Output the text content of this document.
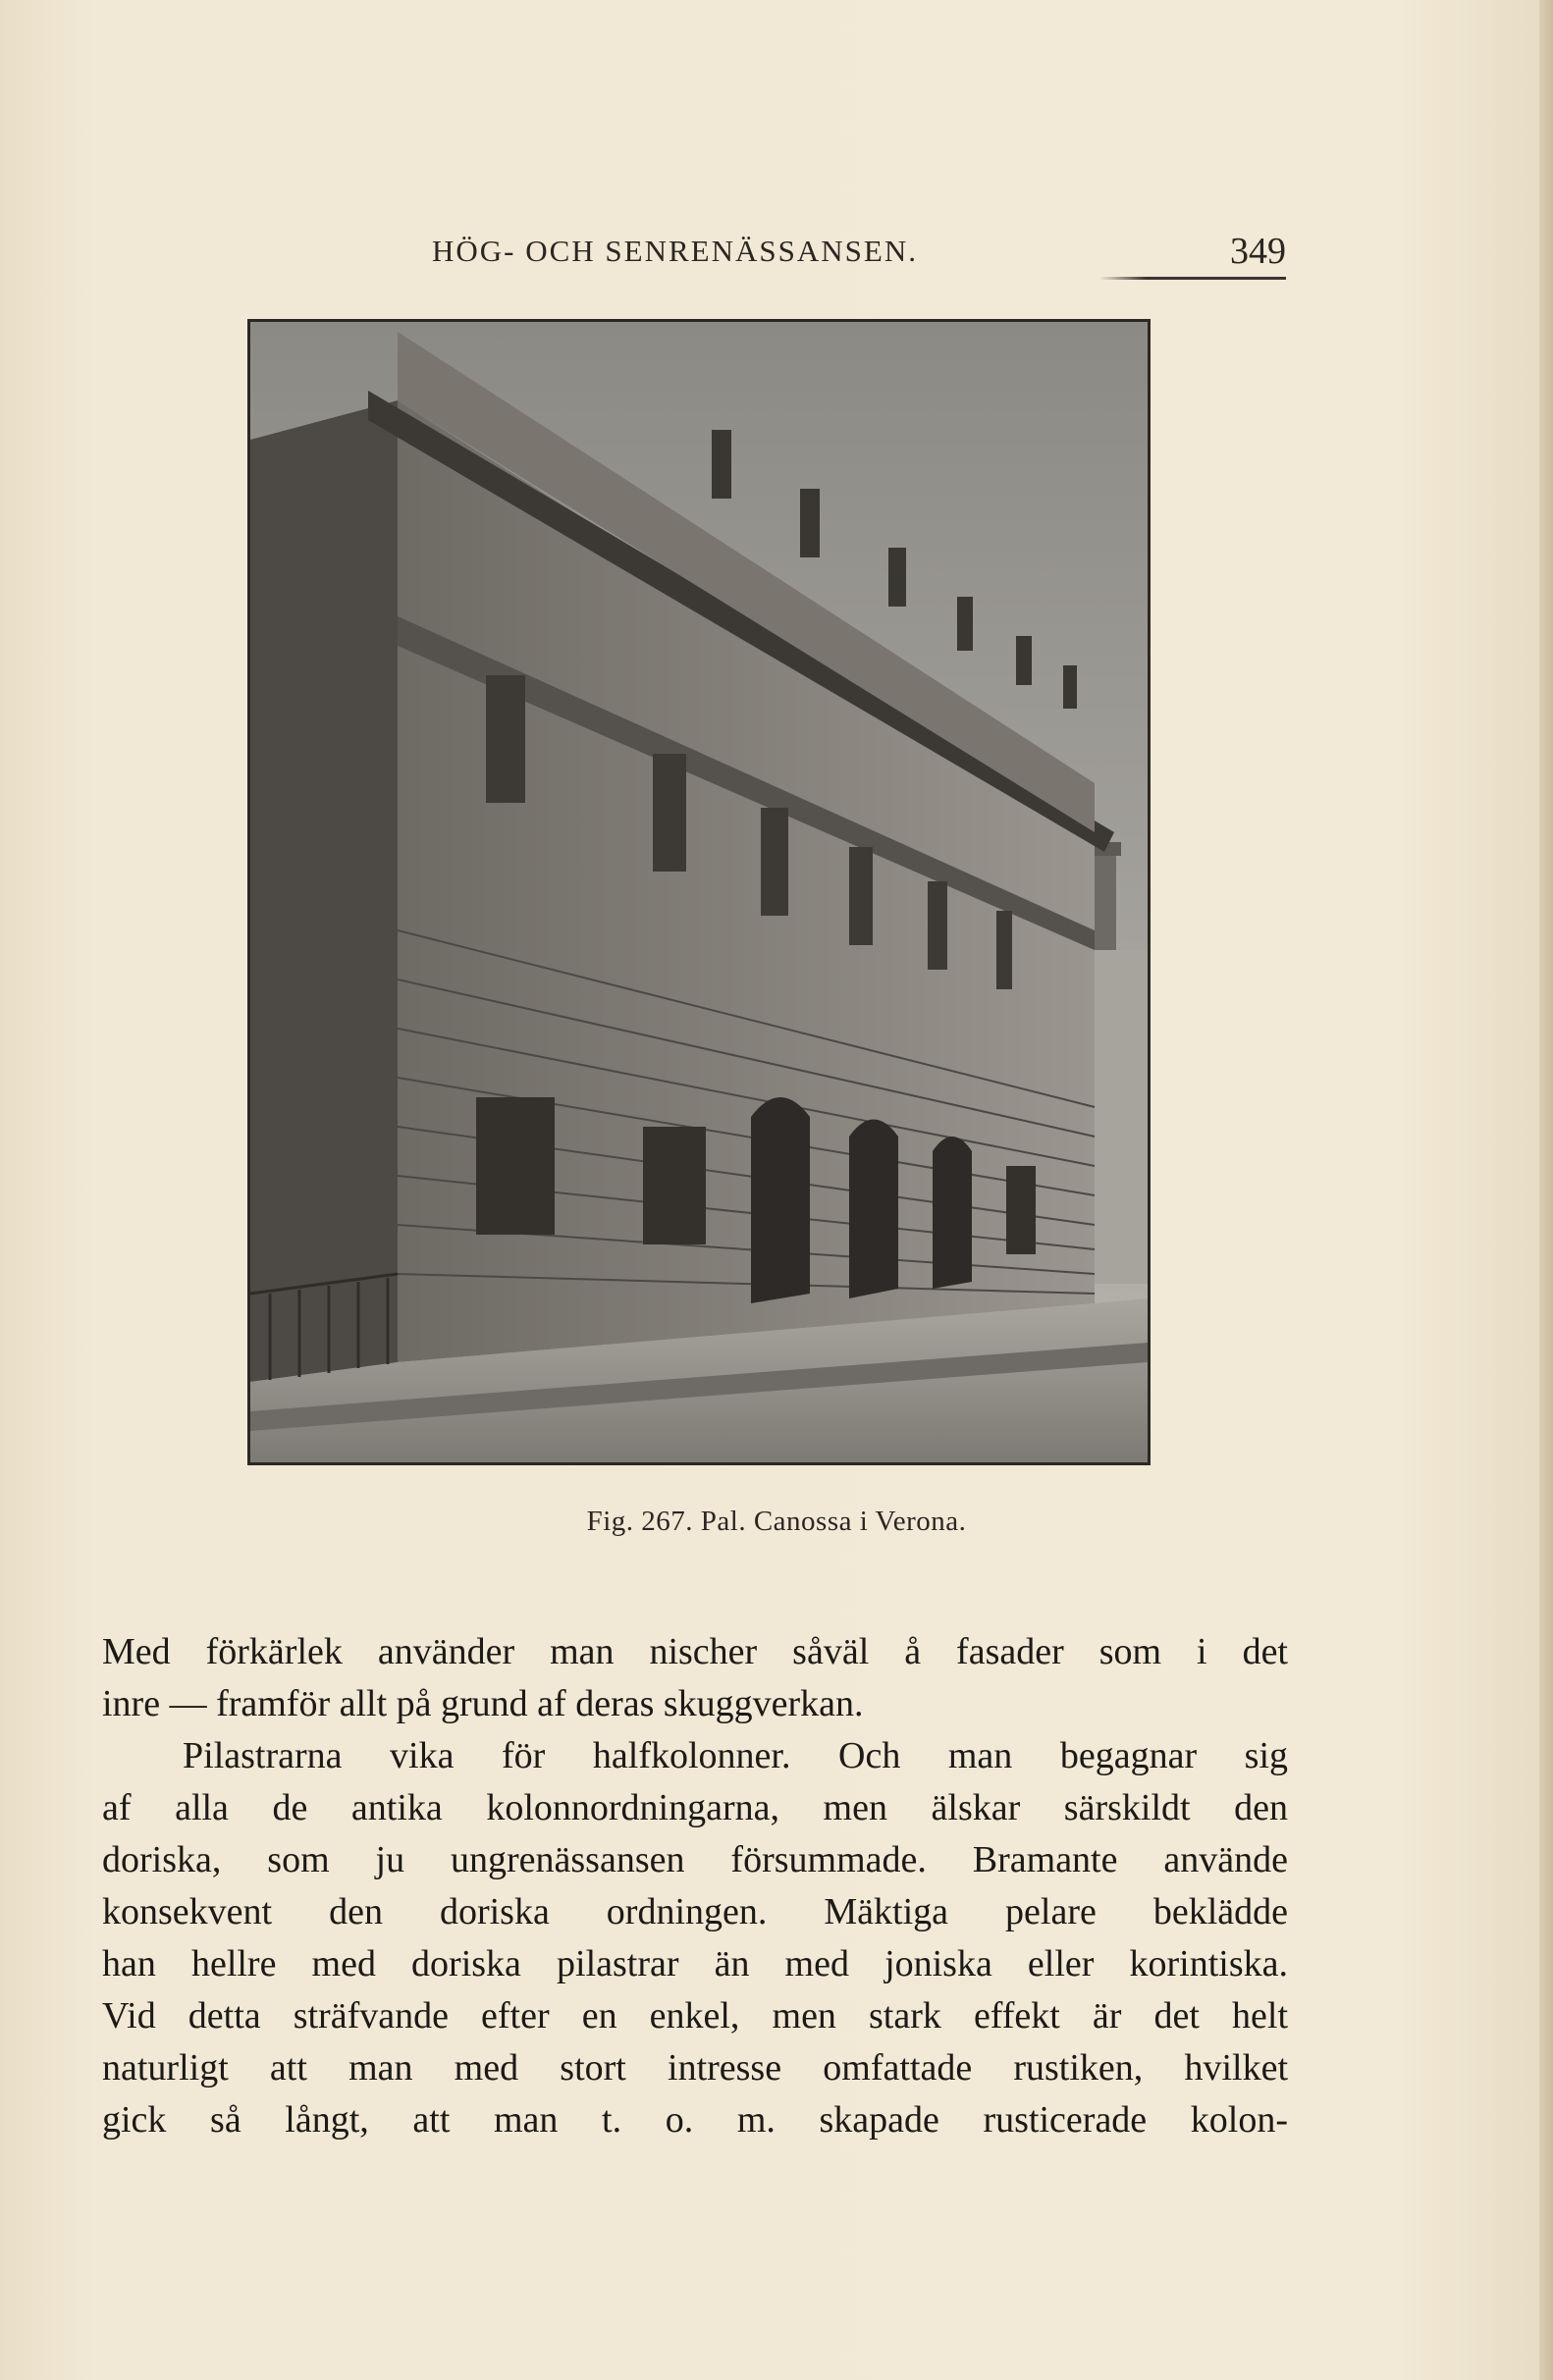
HÖG- OCH SENRENÄSSANSEN.	349
Fig. 267. Pal. Canossa i Verona.
Med förkärlek använder man nischer såväl å fasader som i det
inre — framför allt på grund af deras skuggverkan.
Pilastrarna vika för halfkolonner. Och man begagnar sig
af alla de antika kolonnordningarna, men älskar särskildt den
doriska, som ju ungrenässansen försummade. Bramante använde
konsekvent den doriska ordningen. Mäktiga pelare beklädde
han hellre med doriska pilastrar än med joniska eller korintiska.
Vid detta sträfvande efter en enkel, men stark effekt är det helt
naturligt att man med stort intresse omfattade rustiken, hvilket
gick så långt, att man t. o. m. skapade rusticerade kolon-
